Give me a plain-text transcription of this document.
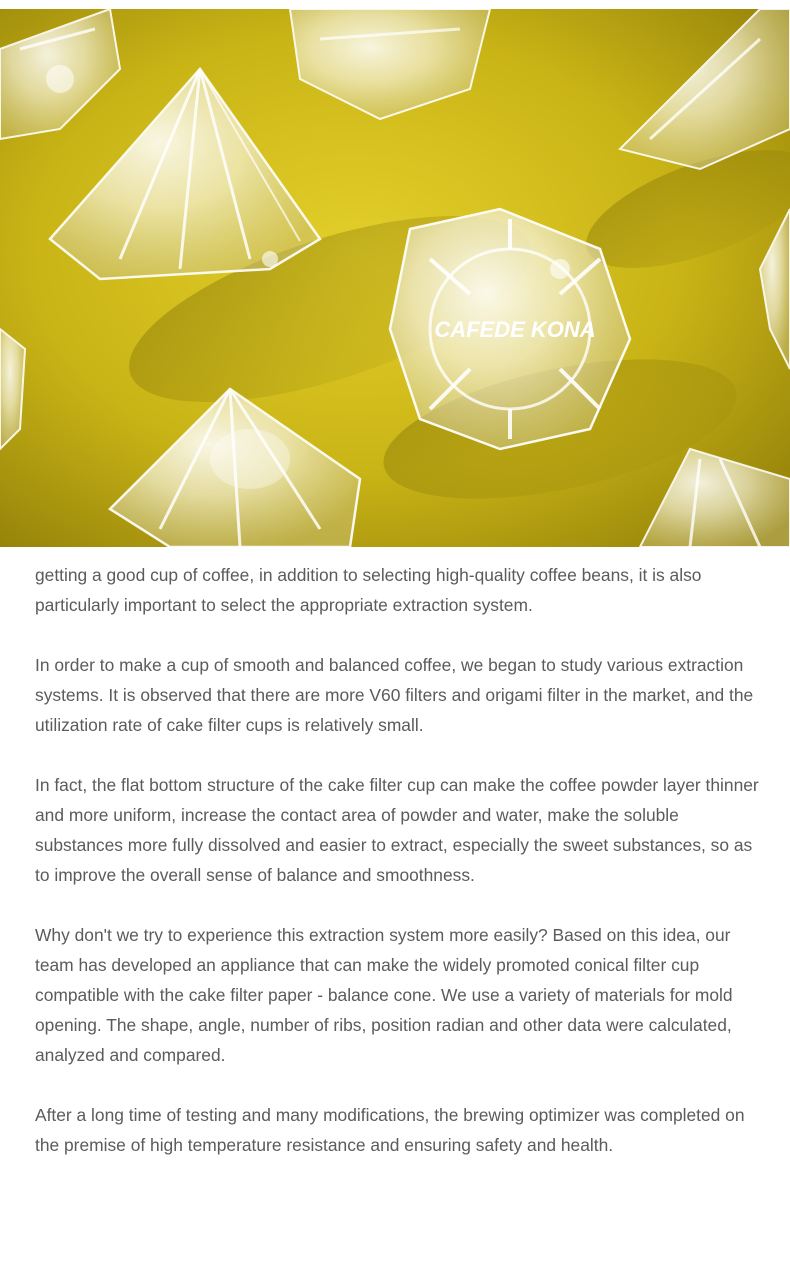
CAFEDE KONA

getting a good cup of coffee, in addition to selecting high-quality coffee beans, it is also particularly important to select the appropriate extraction system.

In order to make a cup of smooth and balanced coffee, we began to study various extraction systems. It is observed that there are more V60 filters and origami filter in the market, and the utilization rate of cake filter cups is relatively small.

In fact, the flat bottom structure of the cake filter cup can make the coffee powder layer thinner and more uniform, increase the contact area of powder and water, make the soluble substances more fully dissolved and easier to extract, especially the sweet substances, so as to improve the overall sense of balance and smoothness.

Why don't we try to experience this extraction system more easily? Based on this idea, our team has developed an appliance that can make the widely promoted conical filter cup compatible with the cake filter paper - balance cone. We use a variety of materials for mold opening. The shape, angle, number of ribs, position radian and other data were calculated, analyzed and compared.

After a long time of testing and many modifications, the brewing optimizer was completed on the premise of high temperature resistance and ensuring safety and health.
